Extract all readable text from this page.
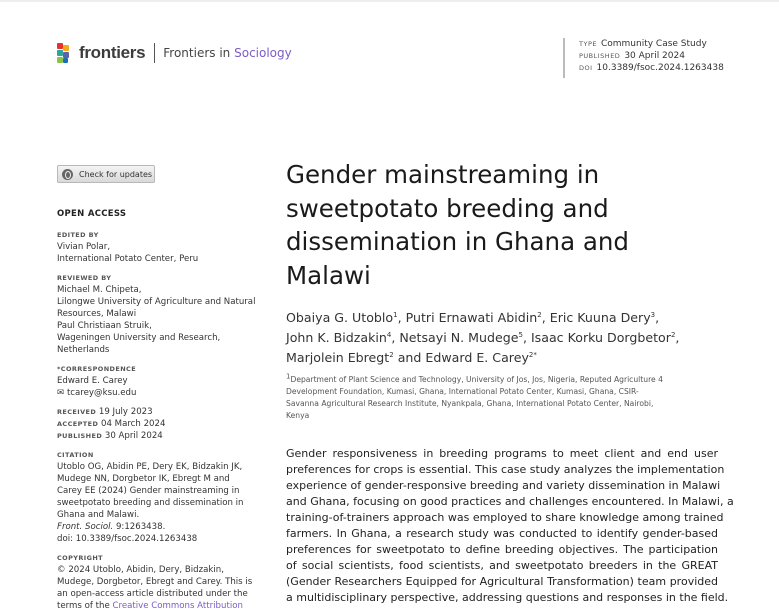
frontiers Frontiers in Sociology
TYPE Community Case Study
PUBLISHED 30 April 2024
DOI 10.3389/fsoc.2024.1263438
Check for updates
OPEN ACCESS
EDITED BY
Vivian Polar,
International Potato Center, Peru
REVIEWED BY
Michael M. Chipeta,
Lilongwe University of Agriculture and Natural
Resources, Malawi
Paul Christiaan Struik,
Wageningen University and Research,
Netherlands
*CORRESPONDENCE
Edward E. Carey
✉ tcarey@ksu.edu
RECEIVED 19 July 2023
ACCEPTED 04 March 2024
PUBLISHED 30 April 2024
CITATION
Utoblo OG, Abidin PE, Dery EK, Bidzakin JK,
Mudege NN, Dorgbetor IK, Ebregt M and
Carey EE (2024) Gender mainstreaming in
sweetpotato breeding and dissemination in
Ghana and Malawi.
Front. Sociol. 9:1263438.
doi: 10.3389/fsoc.2024.1263438
COPYRIGHT
© 2024 Utoblo, Abidin, Dery, Bidzakin,
Mudege, Dorgbetor, Ebregt and Carey. This is
an open-access article distributed under the
terms of the Creative Commons Attribution
Gender mainstreaming in
sweetpotato breeding and
dissemination in Ghana and
Malawi
Obaiya G. Utoblo$^1$, Putri Ernawati Abidin$^2$, Eric Kuuna Dery$^3$,
John K. Bidzakin$^4$, Netsayi N. Mudege$^5$, Isaac Korku Dorgbetor$^2$,
Marjolein Ebregt$^2$ and Edward E. Carey$^{2*}$
$^1$Department of Plant Science and Technology, University of Jos, Jos, Nigeria, Reputed Agriculture 4
Development Foundation, Kumasi, Ghana, International Potato Center, Kumasi, Ghana, CSIR-
Savanna Agricultural Research Institute, Nyankpala, Ghana, International Potato Center, Nairobi,
Kenya
Gender responsiveness in breeding programs to meet client and end user
preferences for crops is essential. This case study analyzes the implementation
experience of gender-responsive breeding and variety dissemination in Malawi
and Ghana, focusing on good practices and challenges encountered. In Malawi, a
training-of-trainers approach was employed to share knowledge among trained
farmers. In Ghana, a research study was conducted to identify gender-based
preferences for sweetpotato to define breeding objectives. The participation
of social scientists, food scientists, and sweetpotato breeders in the GREAT
(Gender Researchers Equipped for Agricultural Transformation) team provided
a multidisciplinary perspective, addressing questions and responses in the field.
